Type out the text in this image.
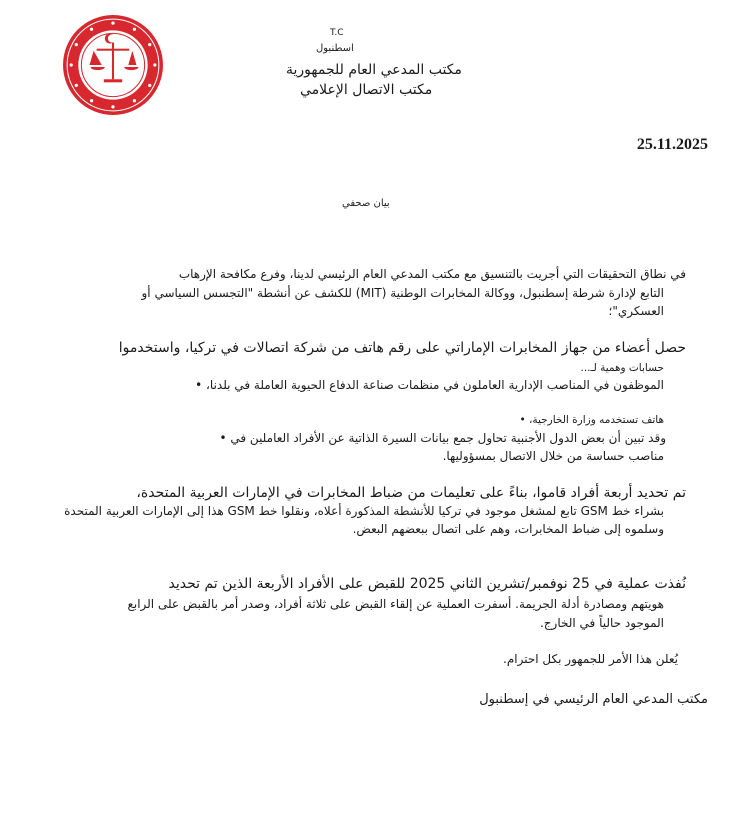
T.C
اسطنبول
مكتب المدعي العام للجمهورية
مكتب الاتصال الإعلامي
25.11.2025
بيان صحفي
في نطاق التحقيقات التي أجريت بالتنسيق مع مكتب المدعي العام الرئيسي لدينا، وفرع مكافحة الإرهاب
التابع لإدارة شرطة إسطنبول، ووكالة المخابرات الوطنية (MIT) للكشف عن أنشطة "التجسس السياسي أو
العسكري"؛
حصل أعضاء من جهاز المخابرات الإماراتي على رقم هاتف من شركة اتصالات في تركيا، واستخدموا
حسابات وهمية لـ...
الموظفون في المناصب الإدارية العاملون في منظمات صناعة الدفاع الحيوية العاملة في بلدنا، •
هاتف تستخدمه وزارة الخارجية، •
وقد تبين أن بعض الدول الأجنبية تحاول جمع بيانات السيرة الذاتية عن الأفراد العاملين في •
مناصب حساسة من خلال الاتصال بمسؤوليها.
تم تحديد أربعة أفراد قاموا، بناءً على تعليمات من ضباط المخابرات في الإمارات العربية المتحدة،
بشراء خط GSM تابع لمشغل موجود في تركيا للأنشطة المذكورة أعلاه، ونقلوا خط GSM هذا إلى الإمارات العربية المتحدة
وسلموه إلى ضباط المخابرات، وهم على اتصال ببعضهم البعض.
نُفذت عملية في 25 نوفمبر/تشرين الثاني 2025 للقبض على الأفراد الأربعة الذين تم تحديد
هويتهم ومصادرة أدلة الجريمة. أسفرت العملية عن إلقاء القبض على ثلاثة أفراد، وصدر أمر بالقبض على الرابع
الموجود حالياً في الخارج.
يُعلن هذا الأمر للجمهور بكل احترام.
مكتب المدعي العام الرئيسي في إسطنبول
